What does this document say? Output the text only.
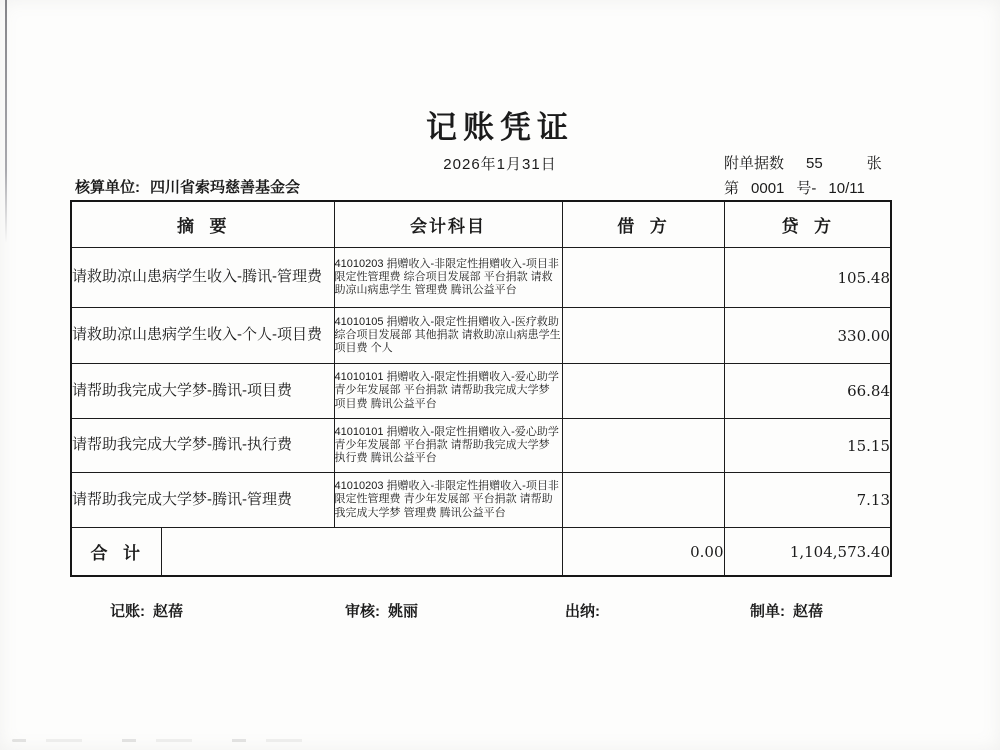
记账凭证
2026年1月31日	附单据数 55	张
核算单位: 四川省索玛慈善基金会	第 0001 号- 10/11
摘  要		会计科目	借  方	贷  方
请救助凉山患病学生收入-腾讯-管理费		41010203 捐赠收入-非限定性捐赠收入-项目非限定性管理费 综合项目发展部 平台捐款 请救助凉山病患学生 管理费 腾讯公益平台		105.48
请救助凉山患病学生收入-个人-项目费		41010105 捐赠收入-限定性捐赠收入-医疗救助 综合项目发展部 其他捐款 请救助凉山病患学生 项目费 个人		330.00
请帮助我完成大学梦-腾讯-项目费		41010101 捐赠收入-限定性捐赠收入-爱心助学 青少年发展部 平台捐款 请帮助我完成大学梦 项目费 腾讯公益平台		66.84
请帮助我完成大学梦-腾讯-执行费		41010101 捐赠收入-限定性捐赠收入-爱心助学 青少年发展部 平台捐款 请帮助我完成大学梦 执行费 腾讯公益平台		15.15
请帮助我完成大学梦-腾讯-管理费		41010203 捐赠收入-非限定性捐赠收入-项目非限定性管理费 青少年发展部 平台捐款 请帮助我完成大学梦 管理费 腾讯公益平台		7.13
合  计			0.00	1,104,573.40
记账: 赵蓓	审核: 姚丽	出纳:	制单: 赵蓓
